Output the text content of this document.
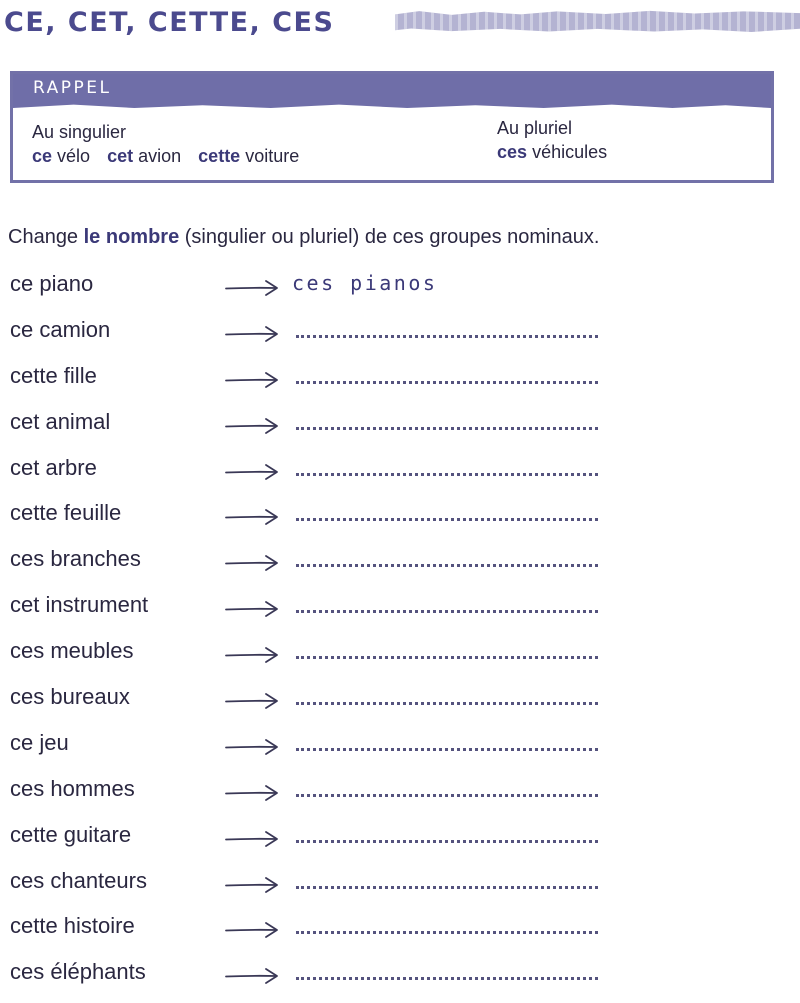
CE, CET, CETTE, CES
RAPPEL
Au singulier
ce vélo cet avion cette voiture
Au pluriel
ces véhicules
Change le nombre (singulier ou pluriel) de ces groupes nominaux.
ce piano	ces pianos
ce camion
cette fille
cet animal
cet arbre
cette feuille
ces branches
cet instrument
ces meubles
ces bureaux
ce jeu
ces hommes
cette guitare
ces chanteurs
cette histoire
ces éléphants
